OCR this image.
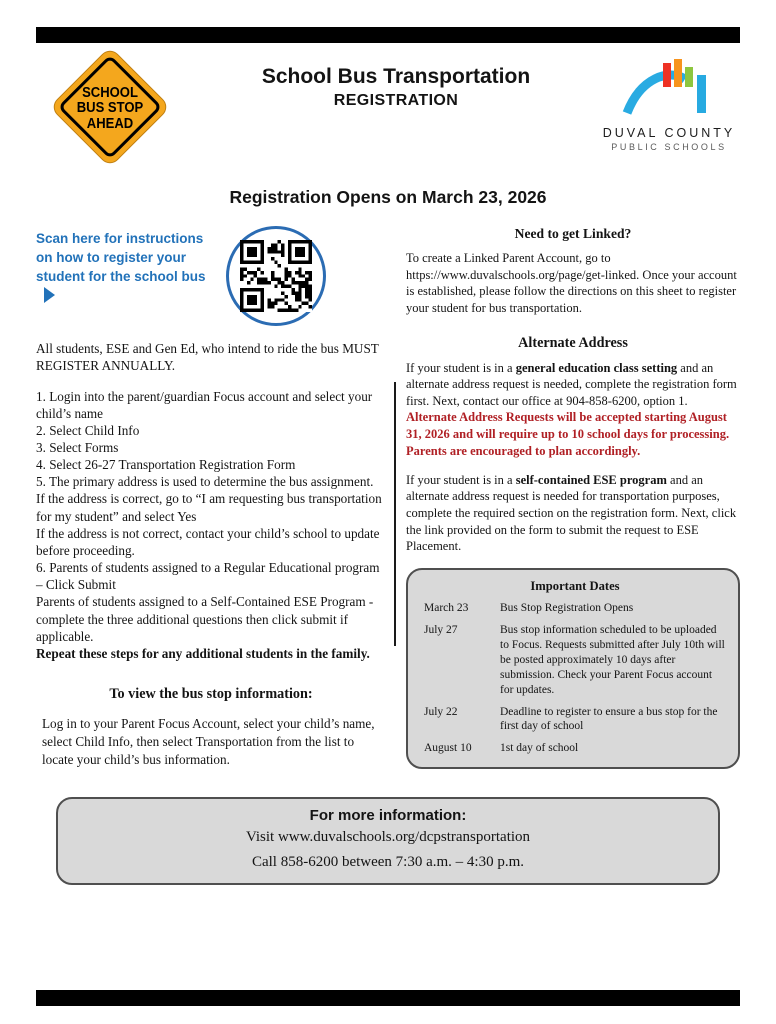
SCHOOL
BUS STOP
AHEAD
School Bus Transportation
REGISTRATION
DUVAL COUNTY
PUBLIC SCHOOLS
Registration Opens on March 23, 2026
Scan here for instructions on how to register your student for the school bus

All students, ESE and Gen Ed, who intend to ride the bus MUST REGISTER ANNUALLY.

1. Login into the parent/guardian Focus account and select your child’s name

2. Select Child Info

3. Select Forms

4. Select 26-27 Transportation Registration Form

5. The primary address is used to determine the bus assignment.

If the address is correct, go to “I am requesting bus transportation for my student” and select Yes

If the address is not correct, contact your child’s school to update before proceeding.

6. Parents of students assigned to a Regular Educational program – Click Submit

Parents of students assigned to a Self-Contained ESE Program - complete the three additional questions then click submit if applicable.

Repeat these steps for any additional students in the family.

To view the bus stop information:

Log in to your Parent Focus Account, select your child’s name, select Child Info, then select Transportation from the list to locate your child’s bus information.

Need to get Linked?

To create a Linked Parent Account, go to https://www.duvalschools.org/page/get-linked. Once your account is established, please follow the directions on this sheet to register your student for bus transportation.

Alternate Address

If your student is in a general education class setting and an alternate address request is needed, complete the registration form first. Next, contact our office at 904-858-6200, option 1. Alternate Address Requests will be accepted starting August 31, 2026 and will require up to 10 school days for processing. Parents are encouraged to plan accordingly.

If your student is in a self-contained ESE program and an alternate address request is needed for transportation purposes, complete the required section on the registration form. Next, click the link provided on the form to submit the request to ESE Placement.

Important Dates
March 23	Bus Stop Registration Opens
July 27	Bus stop information scheduled to be uploaded to Focus. Requests submitted after July 10th will be posted approximately 10 days after submission. Check your Parent Focus account for updates.
July 22	Deadline to register to ensure a bus stop for the first day of school
August 10	1st day of school
For more information:
Visit www.duvalschools.org/dcpstransportation
Call 858-6200 between 7:30 a.m. – 4:30 p.m.
